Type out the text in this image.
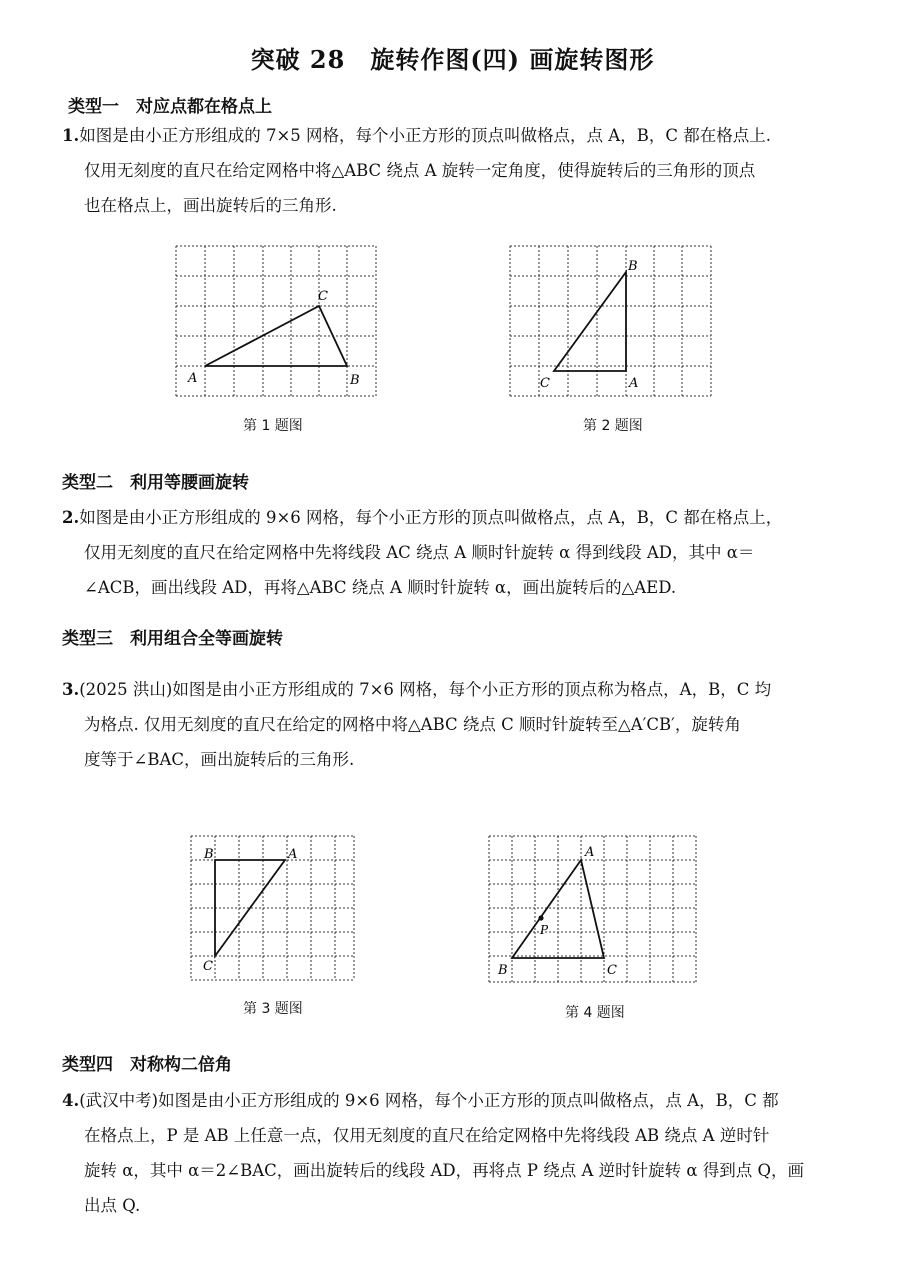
突破 28　旋转作图(四) 画旋转图形
类型一　对应点都在格点上
1.如图是由小正方形组成的 7×5 网格，每个小正方形的顶点叫做格点，点 A，B，C 都在格点上.
仅用无刻度的直尺在给定网格中将△ABC 绕点 A 旋转一定角度，使得旋转后的三角形的顶点
也在格点上，画出旋转后的三角形.
A	B
C
第 1 题图
A
B
C
第 2 题图
类型二　利用等腰画旋转
2.如图是由小正方形组成的 9×6 网格，每个小正方形的顶点叫做格点，点 A，B，C 都在格点上，
仅用无刻度的直尺在给定网格中先将线段 AC 绕点 A 顺时针旋转 α 得到线段 AD，其中 α＝
∠ACB，画出线段 AD，再将△ABC 绕点 A 顺时针旋转 α，画出旋转后的△AED.
类型三　利用组合全等画旋转
3.(2025 洪山)如图是由小正方形组成的 7×6 网格，每个小正方形的顶点称为格点，A，B，C 均
为格点. 仅用无刻度的直尺在给定的网格中将△ABC 绕点 C 顺时针旋转至△A′CB′，旋转角
度等于∠BAC，画出旋转后的三角形.
B	A
C
第 3 题图
A
B	C
P
第 4 题图
类型四　对称构二倍角
4.(武汉中考)如图是由小正方形组成的 9×6 网格，每个小正方形的顶点叫做格点，点 A，B，C 都
在格点上，P 是 AB 上任意一点，仅用无刻度的直尺在给定网格中先将线段 AB 绕点 A 逆时针
旋转 α，其中 α＝2∠BAC，画出旋转后的线段 AD，再将点 P 绕点 A 逆时针旋转 α 得到点 Q，画
出点 Q.
